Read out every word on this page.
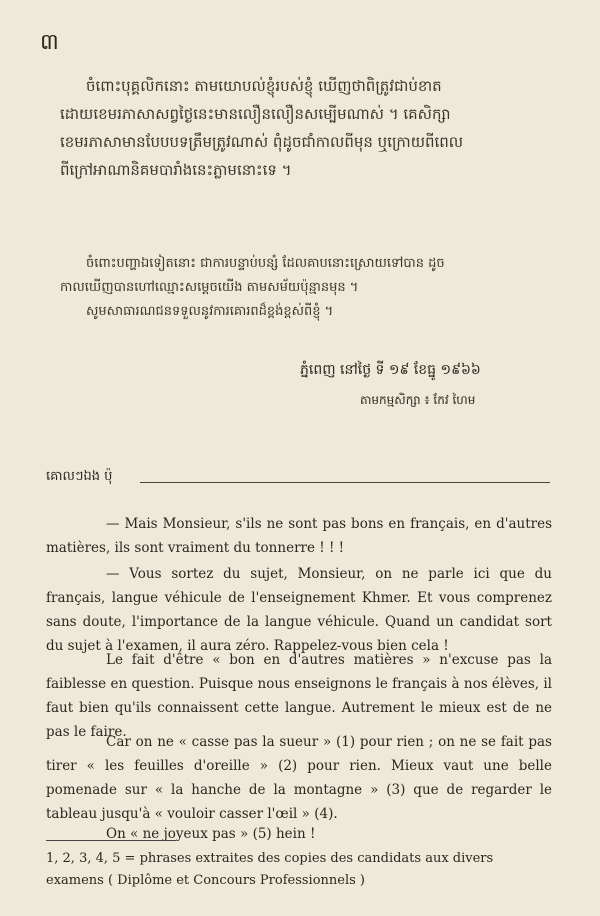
៣
ចំពោះបុគ្គលិកនោះ តាមយោបល់ខ្ញុំរបស់ខ្ញុំ ឃើញថាពិត្រូវជាប់ខាត
ដោយខេមរភាសាសព្វថ្ងៃនេះមានលឿនលឿនសម្បើមណាស់ ។ គេសិក្សា
ខេមរភាសាមានបែបបទត្រឹមត្រូវណាស់ ពុំដូចជាំកាលពីមុន ឬក្រោយពីពេល
ពីក្រៅអាណានិគមបារាំងនេះភ្លាមនោះទេ ។
ចំពោះបញ្ហាឯទៀតនោះ ជាការបន្ទាប់បន្សំ ដែលគាបនោះស្រោយទៅបាន ដូច
កាលឃើញបានហៅឈ្មោះសម្ដេចយើង តាមសម័យប៉ុន្មានមុន ។
សូមសាធារណជនទទួលនូវការគោរពដ៏ខ្ពង់ខ្ពស់ពីខ្ញុំ ។
ភ្នំពេញ នៅថ្ងៃ ទី ១៩ ខែធ្នូ ១៩៦៦
តាមកម្មសិក្សា ៖ កែវ ហៃម
គោលៗឯង ប៉ុ

— Mais Monsieur, s'ils ne sont pas bons en français, en d'autres matières, ils sont vraiment du tonnerre ! ! !

— Vous sortez du sujet, Monsieur, on ne parle ici que du français, langue véhicule de l'enseignement Khmer. Et vous comprenez sans doute, l'importance de la langue véhicule. Quand un candidat sort du sujet à l'examen, il aura zéro. Rappelez-vous bien cela !

Le fait d'être « bon en d'autres matières » n'excuse pas la faiblesse en question. Puisque nous enseignons le français à nos élèves, il faut bien qu'ils connaissent cette langue. Autrement le mieux est de ne pas le faire.

Car on ne « casse pas la sueur » (1) pour rien ; on ne se fait pas tirer « les feuilles d'oreille » (2) pour rien. Mieux vaut une belle pomenade sur « la hanche de la montagne » (3) que de regarder le tableau jusqu'à « vouloir casser l'œil » (4).

On « ne joyeux pas » (5) hein !

1, 2, 3, 4, 5 = phrases extraites des copies des candidats aux divers examens ( Diplôme et Concours Professionnels )
